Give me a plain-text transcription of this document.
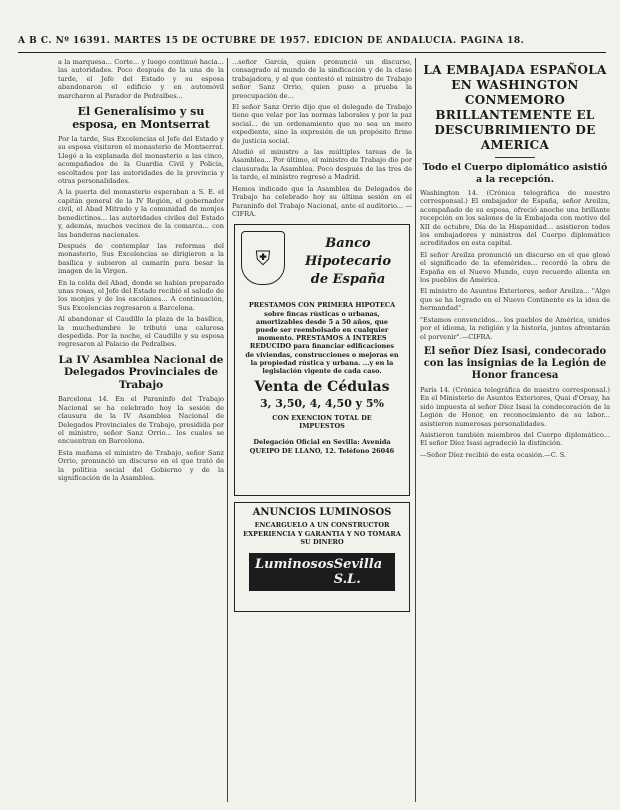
A B C. Nº 16391. MARTES 15 DE OCTUBRE DE 1957. EDICION DE ANDALUCIA. PAGINA 18.

a la marquesa... Corte... y luego continuó hacia... las autoridades. Poco después de la una de la tarde, el Jefe del Estado y su esposa abandonaron el edificio y en automóvil marcharon al Parador de Pedralbes...

El Generalísimo y su esposa, en Montserrat

Por la tarde, Sus Excelencias el Jefe del Estado y su esposa visitaron el monasterio de Montserrat. Llegó a la explanada del monasterio a las cinco, acompañados de la Guardia Civil y Policía, escoltados por las autoridades de la provincia y otras personalidades.

A la puerta del monasterio esperaban a S. E. el capitán general de la IV Región, el gobernador civil, el Abad Mitrado y la comunidad de monjes benedictinos... las autoridades civiles del Estado y, además, muchos vecinos de la comarca... con las banderas nacionales.

Después de contemplar las reformas del monasterio, Sus Excelencias se dirigieron a la basílica y subieron al camarín para besar la imagen de la Virgen.

En la celda del Abad, donde se habían preparado unas rosas, el Jefe del Estado recibió el saludo de los monjes y de los escolanes... A continuación, Sus Excelencias regresaron a Barcelona.

Al abandonar el Caudillo la plaza de la basílica, la muchedumbre le tributó una calurosa despedida. Por la noche, el Caudillo y su esposa regresaron al Palacio de Pedralbes.

La IV Asamblea Nacional de Delegados Provinciales de Trabajo

Barcelona 14. En el Paraninfo del Trabajo Nacional se ha celebrado hoy la sesión de clausura de la IV Asamblea Nacional de Delegados Provinciales de Trabajo, presidida por el ministro, señor Sanz Orrio... los cuales se encuentran en Barcelona.

Esta mañana el ministro de Trabajo, señor Sanz Orrio, pronunció un discurso en el que trató de la política social del Gobierno y de la significación de la Asamblea.

...señor García, quien pronunció un discurso, consagrado al mundo de la sindicación y de la clase trabajadora, y al que contestó el ministro de Trabajo señor Sanz Orrio, quien puso a prueba la preocupación de...

El señor Sanz Orrio dijo que el delegado de Trabajo tiene que velar por las normas laborales y por la paz social... de un ordenamiento que no sea un mero expediente, sino la expresión de un propósito firme de justicia social.

Aludió el ministro a las múltiples tareas de la Asamblea... Por último, el ministro de Trabajo dio por clausurada la Asamblea. Poco después de las tres de la tarde, el ministro regresó a Madrid.

Hemos indicado que la Asamblea de Delegados de Trabajo ha celebrado hoy su última sesión en el Paraninfo del Trabajo Nacional, ante el auditorio... —CIFRA.

⛨
Banco Hipotecario
de España
PRESTAMOS CON PRIMERA HIPOTECA sobre fincas rústicas o urbanas, amortizables desde 5 a 50 años, que puede ser reembolsado en cualquier momento. PRESTAMOS A INTERES REDUCIDO para financiar edificaciones de viviendas, construcciones o mejoras en la propiedad rústica y urbana. ...y en la legislación vigente de cada caso.
Venta de Cédulas
3, 3,50, 4, 4,50 y 5%
CON EXENCION TOTAL DE IMPUESTOS
Delegación Oficial en Sevilla: Avenida QUEIPO DE LLANO, 12. Teléfono 26046
ANUNCIOS LUMINOSOS
ENCARGUELO A UN CONSTRUCTOR EXPERIENCIA Y GARANTIA Y NO TOMARA SU DINERO
Luminosos Sevilla S.L.
LA EMBAJADA ESPAÑOLA EN WASHINGTON CONMEMORO BRILLANTEMENTE EL DESCUBRIMIENTO DE AMERICA
Todo el Cuerpo diplomático asistió a la recepción.

Washington 14. (Crónica telegráfica de nuestro corresponsal.) El embajador de España, señor Areilza, acompañado de su esposa, ofreció anoche una brillante recepción en los salones de la Embajada con motivo del XII de octubre, Día de la Hispanidad... asistieron todos los embajadores y ministros del Cuerpo diplomático acreditados en esta capital.

El señor Areilza pronunció un discurso en el que glosó el significado de la efemérides... recordó la obra de España en el Nuevo Mundo, cuyo recuerdo alienta en los pueblos de América.

El ministro de Asuntos Exteriores, señor Areilza... "Algo que se ha logrado en el Nuevo Continente es la idea de hermandad".

"Estamos convencidos... los pueblos de América, unidos por el idioma, la religión y la historia, juntos afrontarán el porvenir".—CIFRA.

El señor Díez Isasi, condecorado con las insignias de la Legión de Honor francesa

París 14. (Crónica telegráfica de nuestro corresponsal.) En el Ministerio de Asuntos Exteriores, Quai d'Orsay, ha sido impuesta al señor Díez Isasi la condecoración de la Legión de Honor, en reconocimiento de su labor... asistieron numerosas personalidades.

Asistieron también miembros del Cuerpo diplomático... El señor Díez Isasi agradeció la distinción.

—Señor Díez recibió de esta ocasión.—C. S.
